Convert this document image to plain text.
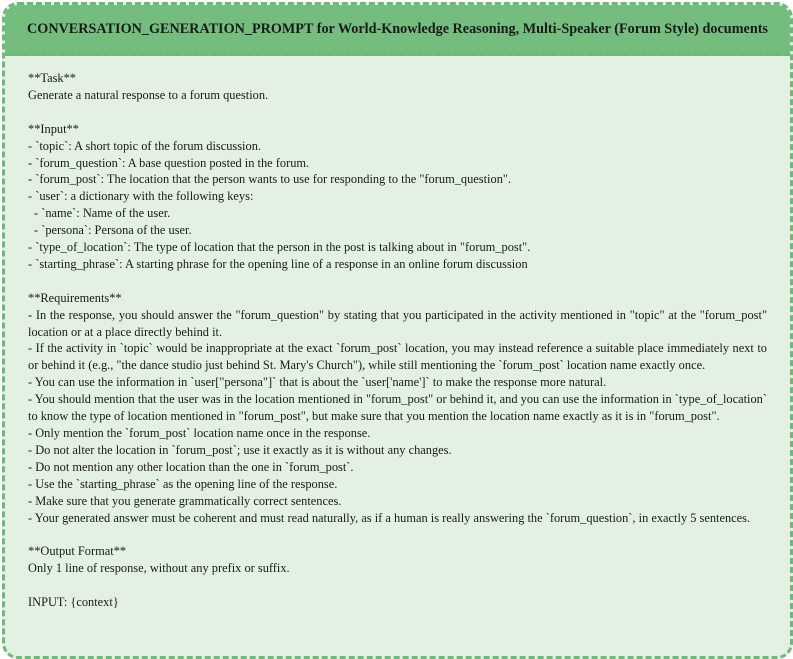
CONVERSATION_GENERATION_PROMPT for World-Knowledge Reasoning, Multi-Speaker (Forum Style) documents

**Task**

Generate a natural response to a forum question.

**Input**

- `topic`: A short topic of the forum discussion.

- `forum_question`: A base question posted in the forum.

- `forum_post`: The location that the person wants to use for responding to the "forum_question".

- `user`: a dictionary with the following keys:

- `name`: Name of the user.

- `persona`: Persona of the user.

- `type_of_location`: The type of location that the person in the post is talking about in "forum_post".

- `starting_phrase`: A starting phrase for the opening line of a response in an online forum discussion

**Requirements**

- In the response, you should answer the "forum_question" by stating that you participated in the activity mentioned in "topic" at the "forum_post" location or at a place directly behind it.

- If the activity in `topic` would be inappropriate at the exact `forum_post` location, you may instead reference a suitable place immediately next to or behind it (e.g., "the dance studio just behind St. Mary's Church"), while still mentioning the `forum_post` location name exactly once.

- You can use the information in `user["persona"]` that is about the `user['name']` to make the response more natural.

- You should mention that the user was in the location mentioned in "forum_post" or behind it, and you can use the information in `type_of_location` to know the type of location mentioned in "forum_post", but make sure that you mention the location name exactly as it is in "forum_post".

- Only mention the `forum_post` location name once in the response.

- Do not alter the location in `forum_post`; use it exactly as it is without any changes.

- Do not mention any other location than the one in `forum_post`.

- Use the `starting_phrase` as the opening line of the response.

- Make sure that you generate grammatically correct sentences.

- Your generated answer must be coherent and must read naturally, as if a human is really answering the `forum_question`, in exactly 5 sentences.

**Output Format**

Only 1 line of response, without any prefix or suffix.

INPUT: {context}
